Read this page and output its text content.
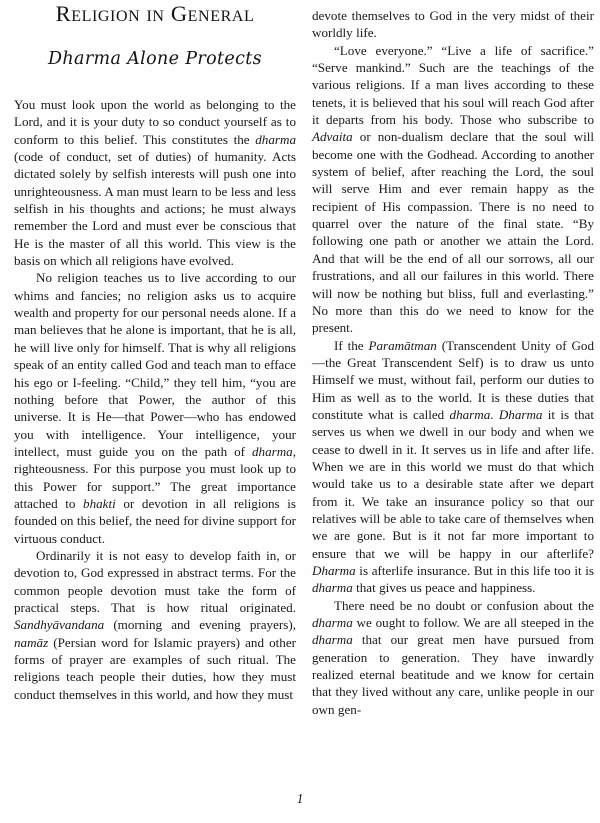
Religion in General
Dharma Alone Protects

You must look upon the world as belonging to the Lord, and it is your duty to so conduct yourself as to conform to this belief. This constitutes the dharma (code of conduct, set of duties) of humanity. Acts dictated solely by selfish interests will push one into unrighteousness. A man must learn to be less and less selfish in his thoughts and actions; he must always remember the Lord and must ever be conscious that He is the master of all this world. This view is the basis on which all religions have evolved.

No religion teaches us to live according to our whims and fancies; no religion asks us to acquire wealth and property for our personal needs alone. If a man believes that he alone is important, that he is all, he will live only for himself. That is why all religions speak of an entity called God and teach man to efface his ego or I-feeling. “Child,” they tell him, “you are nothing before that Power, the author of this universe. It is He—that Power—who has endowed you with intelligence. Your intelligence, your intellect, must guide you on the path of dharma, righteousness. For this purpose you must look up to this Power for support.” The great importance attached to bhakti or devotion in all religions is founded on this belief, the need for divine support for virtuous conduct.

Ordinarily it is not easy to develop faith in, or devotion to, God expressed in abstract terms. For the common people devotion must take the form of practical steps. That is how ritual originated. Sandhyāvandana (morning and evening prayers), namāz (Persian word for Islamic prayers) and other forms of prayer are examples of such ritual. The religions teach people their duties, how they must conduct themselves in this world, and how they must

devote themselves to God in the very midst of their worldly life.

“Love everyone.” “Live a life of sacrifice.” “Serve mankind.” Such are the teachings of the various religions. If a man lives according to these tenets, it is believed that his soul will reach God after it departs from his body. Those who subscribe to Advaita or non-dualism declare that the soul will become one with the Godhead. According to another system of belief, after reaching the Lord, the soul will serve Him and ever remain happy as the recipient of His compassion. There is no need to quarrel over the nature of the final state. “By following one path or another we attain the Lord. And that will be the end of all our sorrows, all our frustrations, and all our failures in this world. There will now be nothing but bliss, full and everlasting.” No more than this do we need to know for the present.

If the Paramātman (Transcendent Unity of God—the Great Transcendent Self) is to draw us unto Himself we must, without fail, perform our duties to Him as well as to the world. It is these duties that constitute what is called dharma. Dharma it is that serves us when we dwell in our body and when we cease to dwell in it. It serves us in life and after life. When we are in this world we must do that which would take us to a desirable state after we depart from it. We take an insurance policy so that our relatives will be able to take care of themselves when we are gone. But is it not far more important to ensure that we will be happy in our afterlife? Dharma is afterlife insurance. But in this life too it is dharma that gives us peace and happiness.

There need be no doubt or confusion about the dharma we ought to follow. We are all steeped in the dharma that our great men have pursued from generation to generation. They have inwardly realized eternal beatitude and we know for certain that they lived without any care, unlike people in our own gen-

1
